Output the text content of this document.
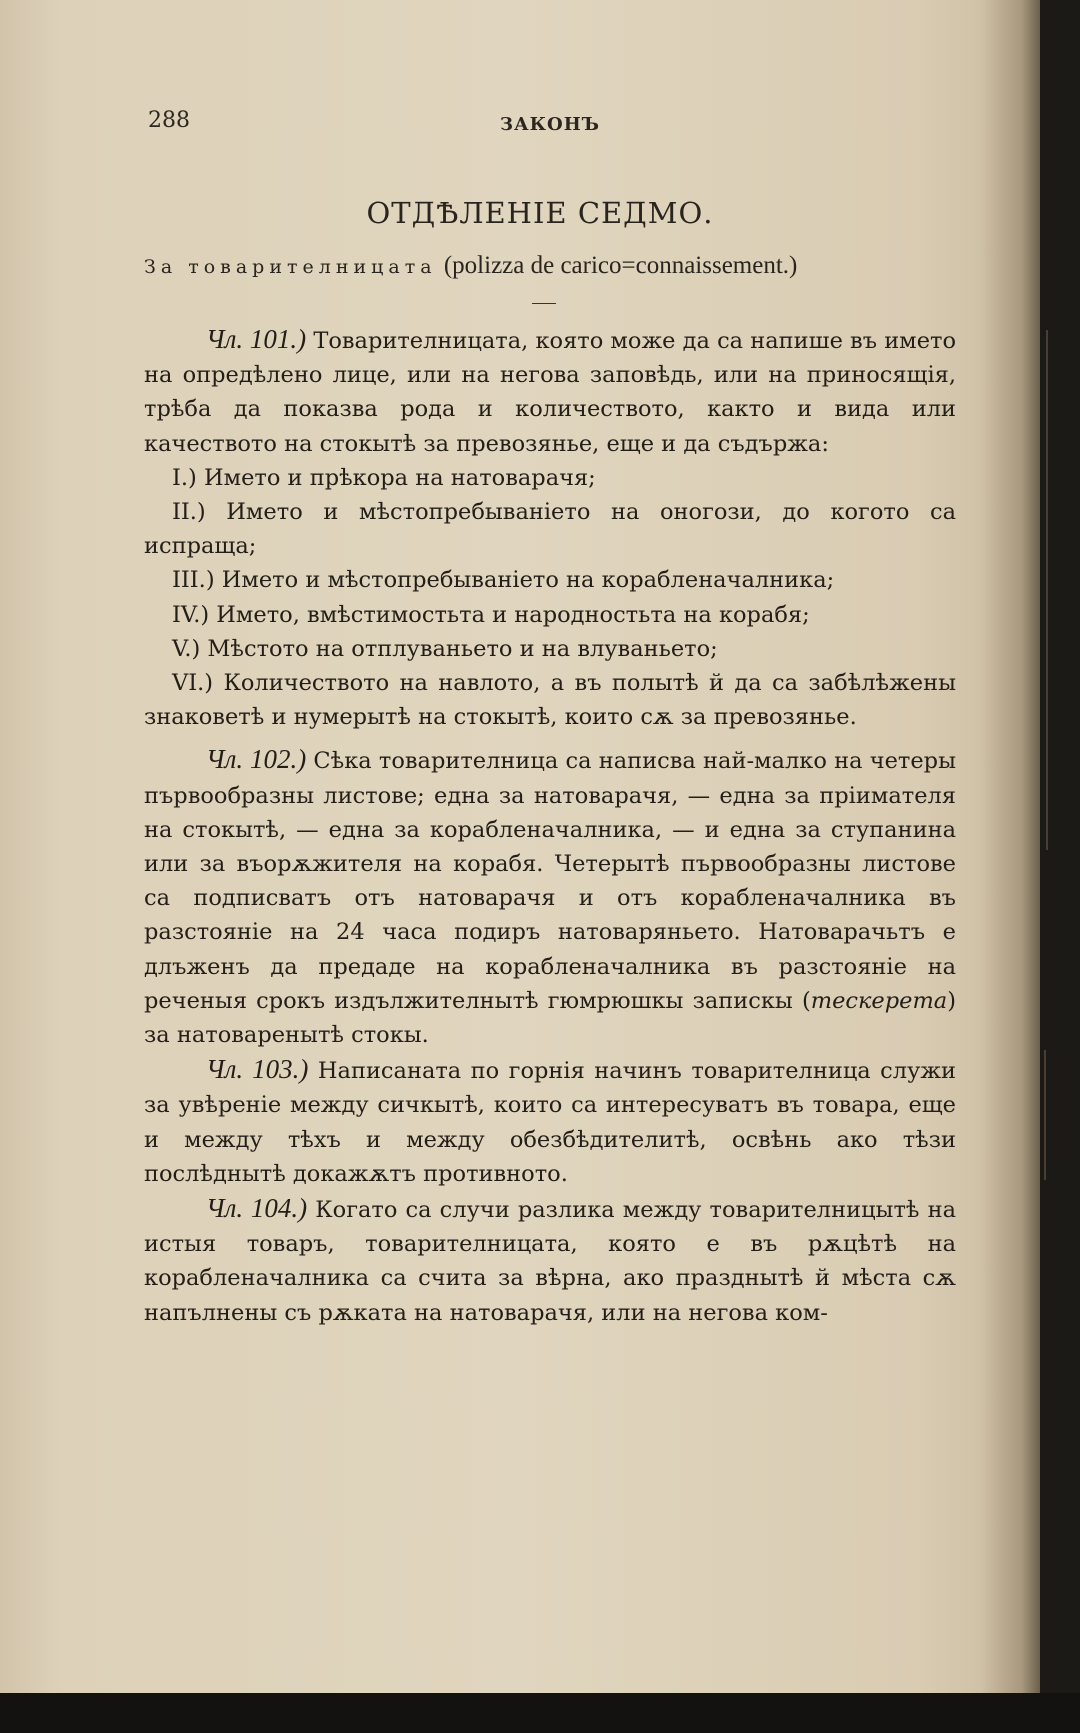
288	ЗАКОНЪ
ОТДѢЛЕНІЕ СЕДМО.
За товарителницата (polizza de carico=connaissement.)

Чл. 101.) Товарителницата, която може да са напише въ името на опредѣлено лице, или на негова заповѣдь, или на приносящія, трѣба да показва рода и количеството, както и вида или качеството на стокытѣ за превозянье, еще и да съдържа:

I.) Името и прѣкора на натоварачя;

II.) Името и мѣстопребываніето на оногози, до когото са испраща;

III.) Името и мѣстопребываніето на корабленачалника;

IV.) Името, вмѣстимостьта и народностьта на корабя;

V.) Мѣстото на отплуваньето и на влуваньето;

VI.) Количеството на навлото, а въ полытѣ й да са забѣлѣжены знаковетѣ и нумерытѣ на стокытѣ, които сѫ за превозянье.

Чл. 102.) Сѣка товарителница са написва най-малко на четеры първообразны листове; една за натоварачя, — една за пріимателя на стокытѣ, — една за корабленачалника, — и една за ступанина или за въорѫжителя на корабя. Четерытѣ първообразны листове са подписватъ отъ натоварачя и отъ корабленачалника въ разстояніе на 24 часа подиръ натоваряньето. Натоварачьтъ е длъженъ да предаде на корабленачалника въ разстояніе на реченыя срокъ издължителнытѣ гюмрюшкы запискы (тескерета) за натоваренытѣ стокы.

Чл. 103.) Написаната по горнія начинъ товарителница служи за увѣреніе между сичкытѣ, които са интересуватъ въ товара, еще и между тѣхъ и между обезбѣдителитѣ, освѣнь ако тѣзи послѣднытѣ докажѫтъ противното.

Чл. 104.) Когато са случи разлика между товарителницытѣ на истыя товаръ, товарителницата, която е въ рѫцѣтѣ на корабленачалника са счита за вѣрна, ако празднытѣ й мѣста сѫ напълнены съ рѫката на натоварачя, или на негова ком-
